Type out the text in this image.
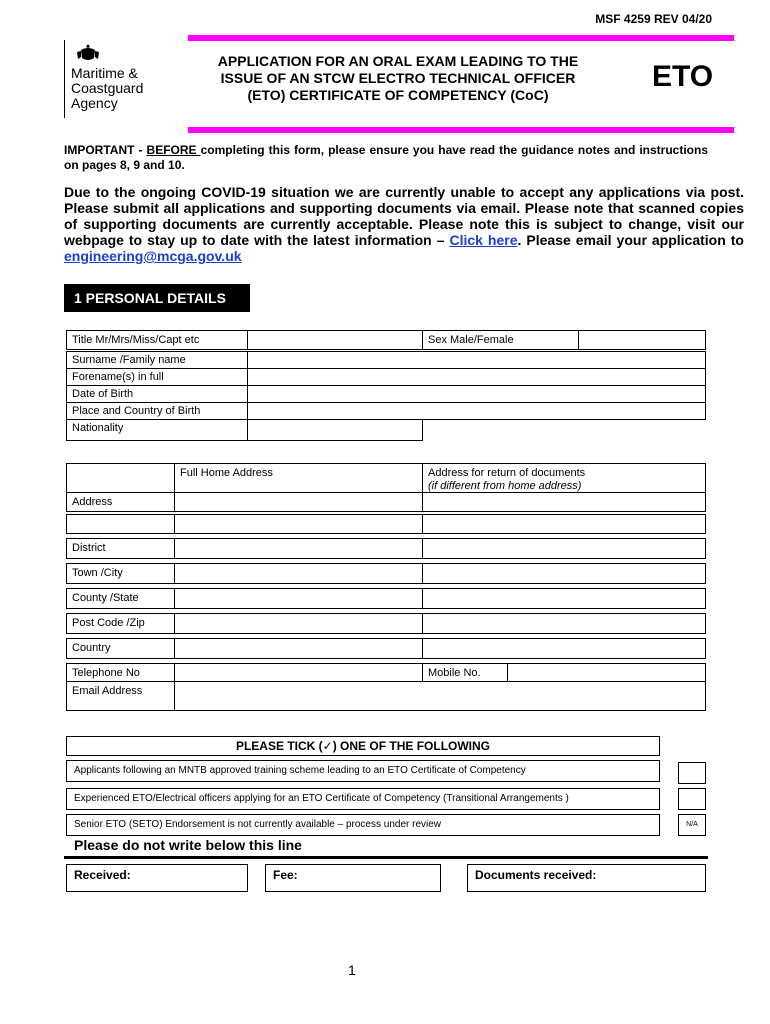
MSF 4259 REV 04/20
Maritime &
Coastguard
Agency
APPLICATION FOR AN ORAL EXAM LEADING TO THE
ISSUE OF AN STCW ELECTRO TECHNICAL OFFICER
(ETO) CERTIFICATE OF COMPETENCY (CoC)
ETO
IMPORTANT - BEFORE completing this form, please ensure you have read the guidance notes and instructions on pages 8, 9 and 10.
Due to the ongoing COVID-19 situation we are currently unable to accept any applications via post. Please submit all applications and supporting documents via email. Please note that scanned copies of supporting documents are currently acceptable. Please note this is subject to change, visit our webpage to stay up to date with the latest information – Click here. Please email your application to engineering@mcga.gov.uk
1 PERSONAL DETAILS
Title Mr/Mrs/Miss/Capt etc	Sex Male/Female
Surname /Family name
Forename(s) in full
Date of Birth
Place and Country of Birth
Nationality
Full Home Address	Address for return of documents
(if different from home address)
Address
District
Town /City
County /State
Post Code /Zip
Country
Telephone No	Mobile No.
Email Address
PLEASE TICK (✓) ONE OF THE FOLLOWING
Applicants following an MNTB approved training scheme leading to an ETO Certificate of Competency
Experienced ETO/Electrical officers applying for an ETO Certificate of Competency (Transitional Arrangements )
Senior ETO (SETO) Endorsement is not currently available – process under review	N/A
Please do not write below this line
Received:	Fee:	Documents received:
1
